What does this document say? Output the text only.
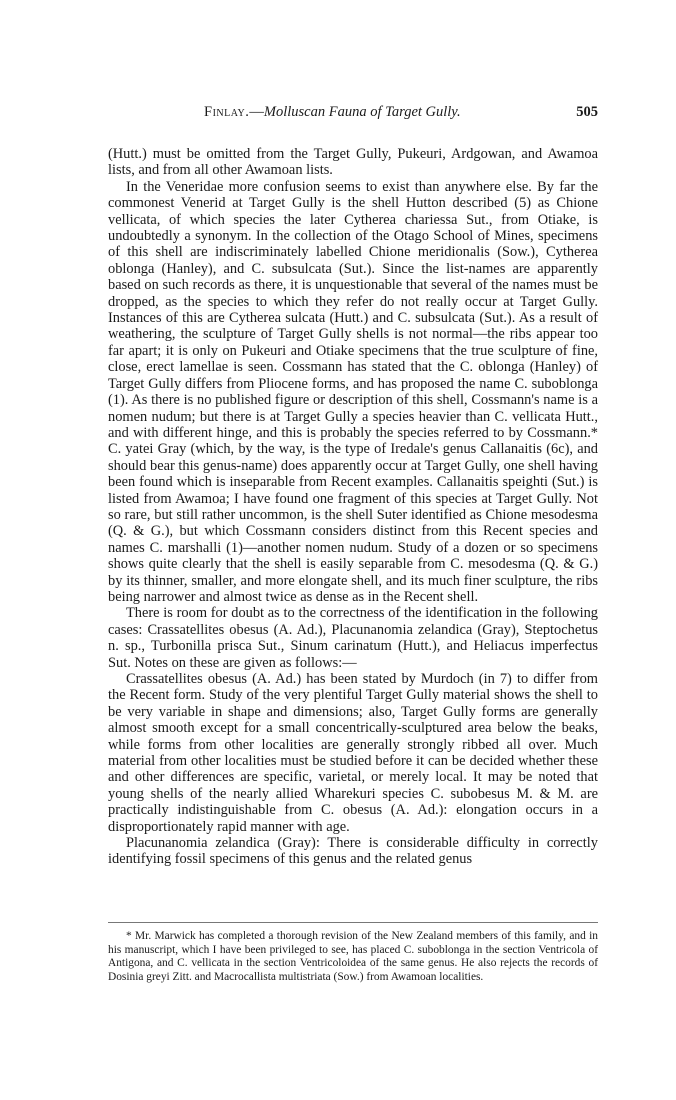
Finlay.—Molluscan Fauna of Target Gully.	505

(Hutt.) must be omitted from the Target Gully, Pukeuri, Ardgowan, and Awamoa lists, and from all other Awamoan lists.

In the Veneridae more confusion seems to exist than anywhere else. By far the commonest Venerid at Target Gully is the shell Hutton described (5) as Chione vellicata, of which species the later Cytherea chariessa Sut., from Otiake, is undoubtedly a synonym. In the collection of the Otago School of Mines, specimens of this shell are indiscriminately labelled Chione meridionalis (Sow.), Cytherea oblonga (Hanley), and C. subsulcata (Sut.). Since the list-names are apparently based on such records as there, it is unquestionable that several of the names must be dropped, as the species to which they refer do not really occur at Target Gully. Instances of this are Cytherea sulcata (Hutt.) and C. subsulcata (Sut.). As a result of weathering, the sculpture of Target Gully shells is not normal—the ribs appear too far apart; it is only on Pukeuri and Otiake specimens that the true sculpture of fine, close, erect lamellae is seen. Cossmann has stated that the C. oblonga (Hanley) of Target Gully differs from Pliocene forms, and has proposed the name C. suboblonga (1). As there is no published figure or description of this shell, Cossmann's name is a nomen nudum; but there is at Target Gully a species heavier than C. vellicata Hutt., and with different hinge, and this is probably the species referred to by Cossmann.* C. yatei Gray (which, by the way, is the type of Iredale's genus Callanaitis (6c), and should bear this genus-name) does apparently occur at Target Gully, one shell having been found which is inseparable from Recent examples. Callanaitis speighti (Sut.) is listed from Awamoa; I have found one fragment of this species at Target Gully. Not so rare, but still rather uncommon, is the shell Suter identified as Chione mesodesma (Q. & G.), but which Cossmann considers distinct from this Recent species and names C. marshalli (1)—another nomen nudum. Study of a dozen or so specimens shows quite clearly that the shell is easily separable from C. mesodesma (Q. & G.) by its thinner, smaller, and more elongate shell, and its much finer sculpture, the ribs being narrower and almost twice as dense as in the Recent shell.

There is room for doubt as to the correctness of the identification in the following cases: Crassatellites obesus (A. Ad.), Placunanomia zelandica (Gray), Steptochetus n. sp., Turbonilla prisca Sut., Sinum carinatum (Hutt.), and Heliacus imperfectus Sut. Notes on these are given as follows:—

Crassatellites obesus (A. Ad.) has been stated by Murdoch (in 7) to differ from the Recent form. Study of the very plentiful Target Gully material shows the shell to be very variable in shape and dimensions; also, Target Gully forms are generally almost smooth except for a small concentrically-sculptured area below the beaks, while forms from other localities are generally strongly ribbed all over. Much material from other localities must be studied before it can be decided whether these and other differences are specific, varietal, or merely local. It may be noted that young shells of the nearly allied Wharekuri species C. subobesus M. & M. are practically indistinguishable from C. obesus (A. Ad.): elongation occurs in a disproportionately rapid manner with age.

Placunanomia zelandica (Gray): There is considerable difficulty in correctly identifying fossil specimens of this genus and the related genus

* Mr. Marwick has completed a thorough revision of the New Zealand members of this family, and in his manuscript, which I have been privileged to see, has placed C. suboblonga in the section Ventricola of Antigona, and C. vellicata in the section Ventricoloidea of the same genus. He also rejects the records of Dosinia greyi Zitt. and Macrocallista multistriata (Sow.) from Awamoan localities.
